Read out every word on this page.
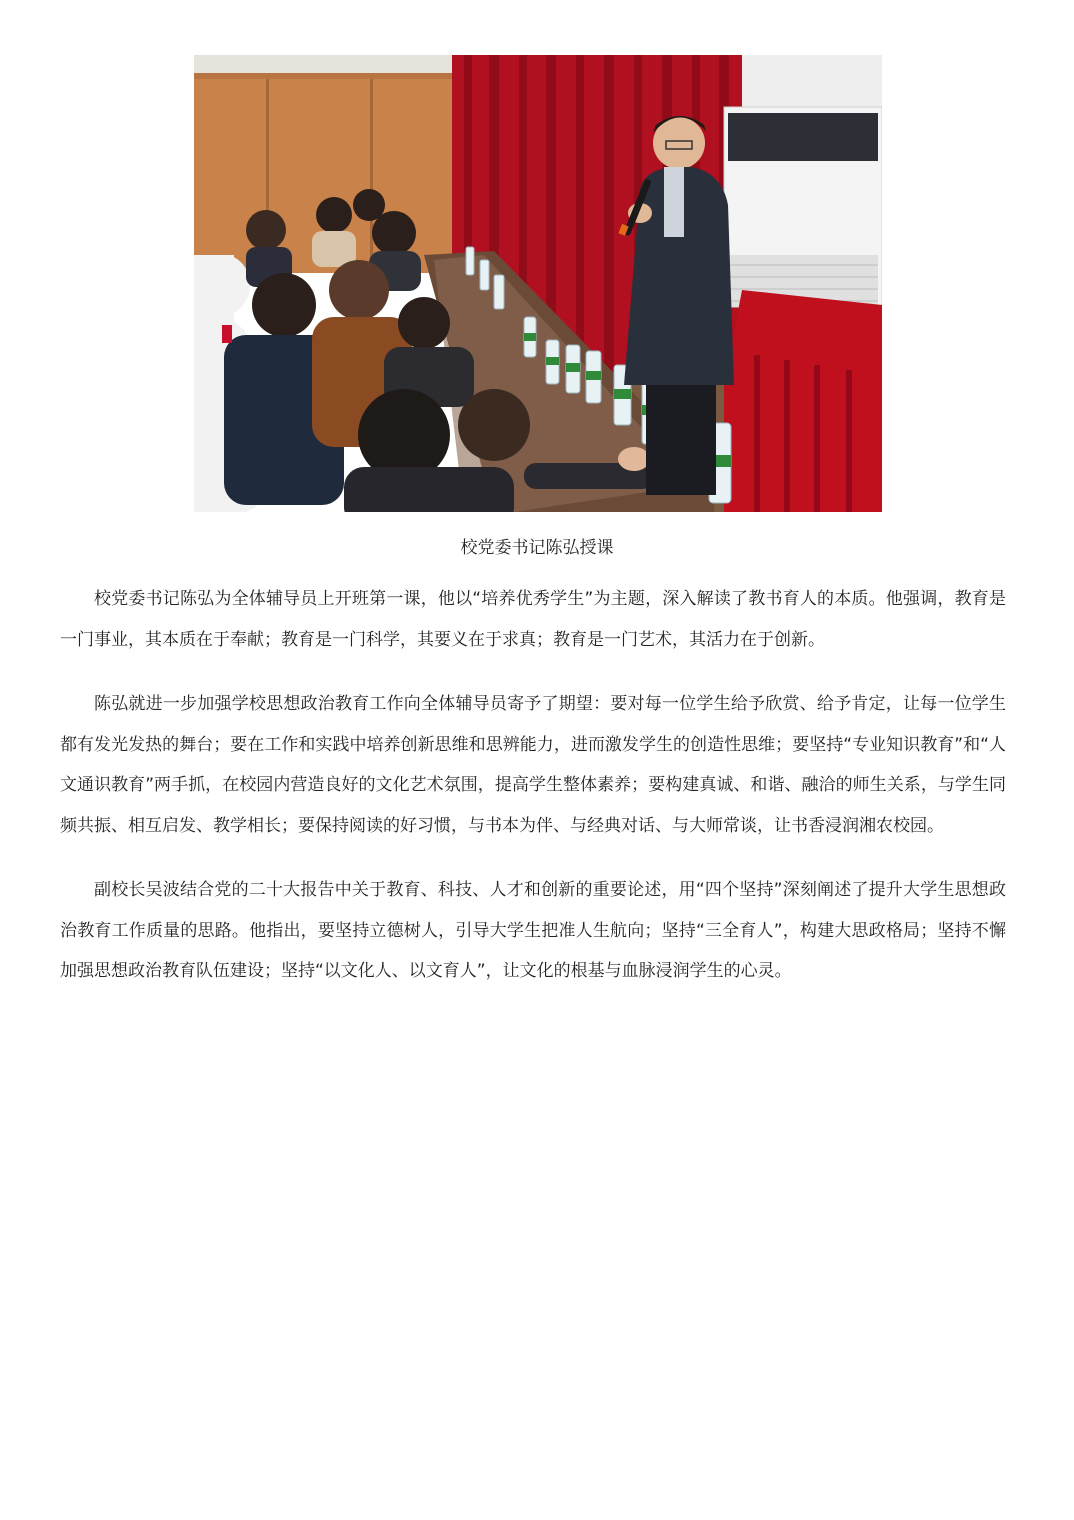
校党委书记陈弘授课

校党委书记陈弘为全体辅导员上开班第一课，他以“培养优秀学生”为主题，深入解读了教书育人的本质。他强调，教育是一门事业，其本质在于奉献；教育是一门科学，其要义在于求真；教育是一门艺术，其活力在于创新。

陈弘就进一步加强学校思想政治教育工作向全体辅导员寄予了期望：要对每一位学生给予欣赏、给予肯定，让每一位学生都有发光发热的舞台；要在工作和实践中培养创新思维和思辨能力，进而激发学生的创造性思维；要坚持“专业知识教育”和“人文通识教育”两手抓，在校园内营造良好的文化艺术氛围，提高学生整体素养；要构建真诚、和谐、融洽的师生关系，与学生同频共振、相互启发、教学相长；要保持阅读的好习惯，与书本为伴、与经典对话、与大师常谈，让书香浸润湘农校园。

副校长吴波结合党的二十大报告中关于教育、科技、人才和创新的重要论述，用“四个坚持”深刻阐述了提升大学生思想政治教育工作质量的思路。他指出，要坚持立德树人，引导大学生把准人生航向；坚持“三全育人”，构建大思政格局；坚持不懈加强思想政治教育队伍建设；坚持“以文化人、以文育人”，让文化的根基与血脉浸润学生的心灵。
